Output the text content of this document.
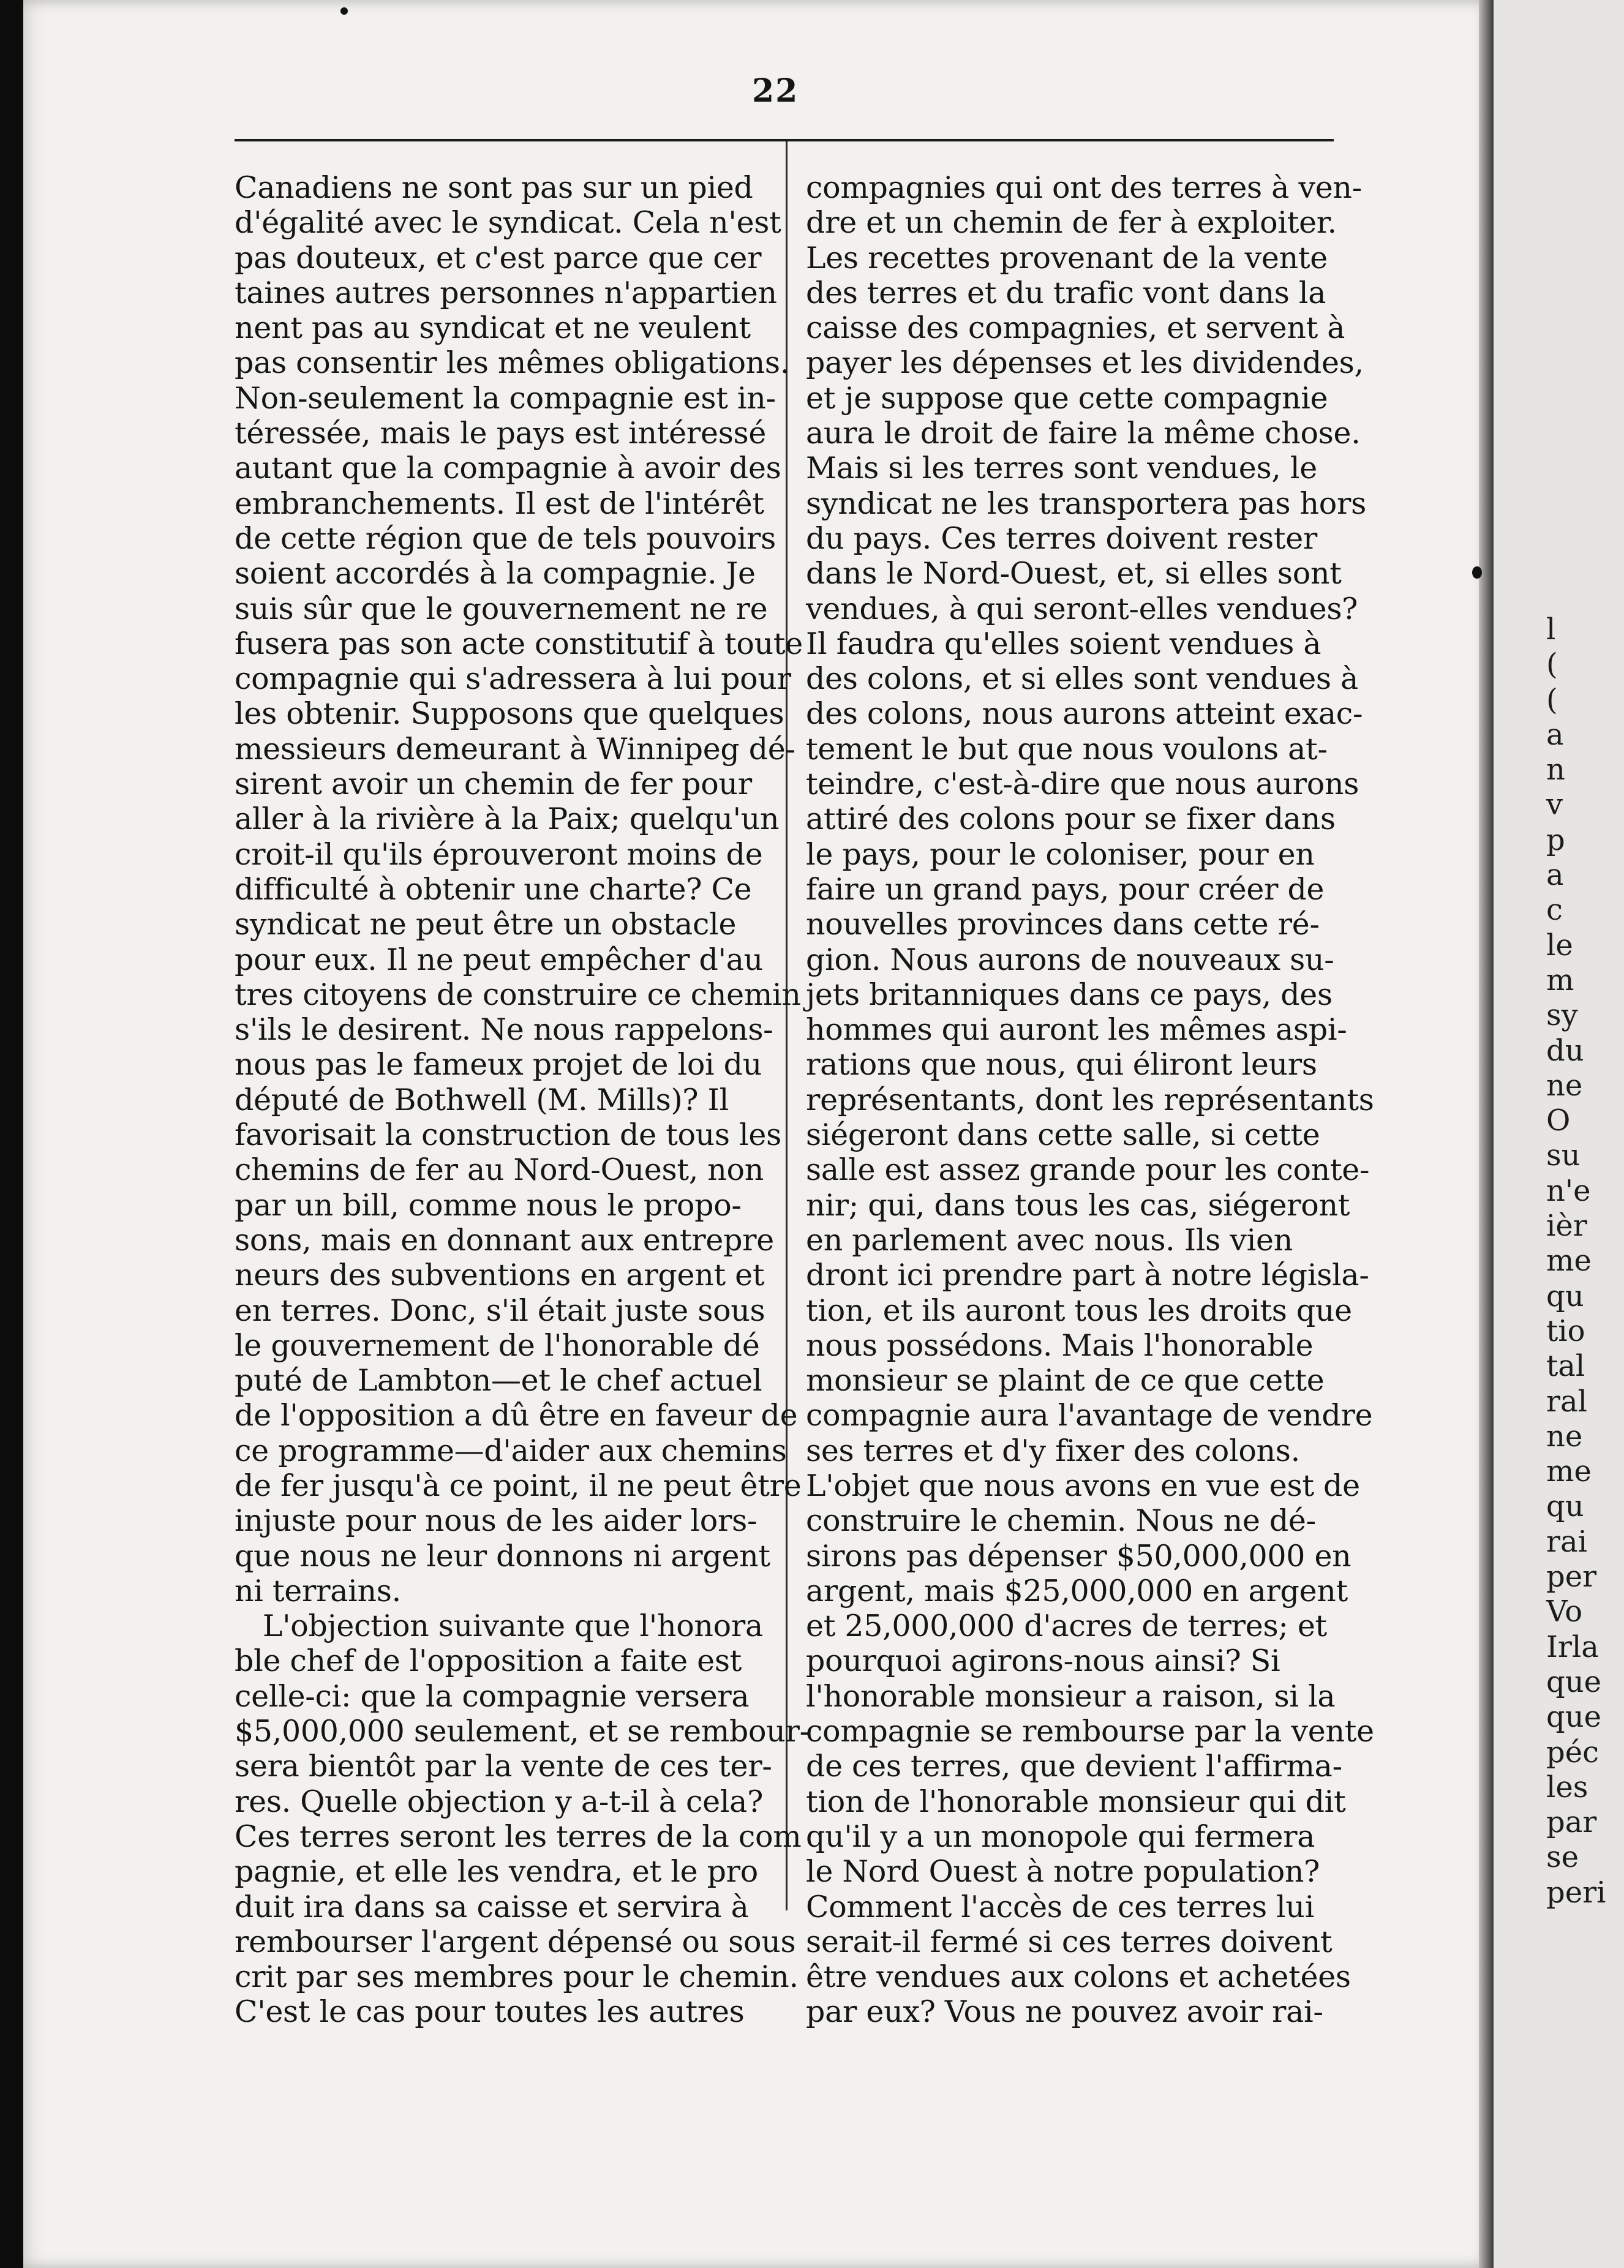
22
Canadiens ne sont pas sur un pied
d'égalité avec le syndicat. Cela n'est
pas douteux, et c'est parce que cer
taines autres personnes n'appartien
nent pas au syndicat et ne veulent
pas consentir les mêmes obligations.
Non-seulement la compagnie est in-
téressée, mais le pays est intéressé
autant que la compagnie à avoir des
embranchements. Il est de l'intérêt
de cette région que de tels pouvoirs
soient accordés à la compagnie. Je
suis sûr que le gouvernement ne re
fusera pas son acte constitutif à toute
compagnie qui s'adressera à lui pour
les obtenir. Supposons que quelques
messieurs demeurant à Winnipeg dé-
sirent avoir un chemin de fer pour
aller à la rivière à la Paix; quelqu'un
croit-il qu'ils éprouveront moins de
difficulté à obtenir une charte? Ce
syndicat ne peut être un obstacle
pour eux. Il ne peut empêcher d'au
tres citoyens de construire ce chemin
s'ils le desirent. Ne nous rappelons-
nous pas le fameux projet de loi du
député de Bothwell (M. Mills)? Il
favorisait la construction de tous les
chemins de fer au Nord-Ouest, non
par un bill, comme nous le propo-
sons, mais en donnant aux entrepre
neurs des subventions en argent et
en terres. Donc, s'il était juste sous
le gouvernement de l'honorable dé
puté de Lambton—et le chef actuel
de l'opposition a dû être en faveur de
ce programme—d'aider aux chemins
de fer jusqu'à ce point, il ne peut être
injuste pour nous de les aider lors-
que nous ne leur donnons ni argent
ni terrains.
L'objection suivante que l'honora
ble chef de l'opposition a faite est
celle-ci: que la compagnie versera
$5,000,000 seulement, et se rembour-
sera bientôt par la vente de ces ter-
res. Quelle objection y a-t-il à cela?
Ces terres seront les terres de la com
pagnie, et elle les vendra, et le pro
duit ira dans sa caisse et servira à
rembourser l'argent dépensé ou sous
crit par ses membres pour le chemin.
C'est le cas pour toutes les autres
compagnies qui ont des terres à ven-
dre et un chemin de fer à exploiter.
Les recettes provenant de la vente
des terres et du trafic vont dans la
caisse des compagnies, et servent à
payer les dépenses et les dividendes,
et je suppose que cette compagnie
aura le droit de faire la même chose.
Mais si les terres sont vendues, le
syndicat ne les transportera pas hors
du pays. Ces terres doivent rester
dans le Nord-Ouest, et, si elles sont
vendues, à qui seront-elles vendues?
Il faudra qu'elles soient vendues à
des colons, et si elles sont vendues à
des colons, nous aurons atteint exac-
tement le but que nous voulons at-
teindre, c'est-à-dire que nous aurons
attiré des colons pour se fixer dans
le pays, pour le coloniser, pour en
faire un grand pays, pour créer de
nouvelles provinces dans cette ré-
gion. Nous aurons de nouveaux su-
jets britanniques dans ce pays, des
hommes qui auront les mêmes aspi-
rations que nous, qui éliront leurs
représentants, dont les représentants
siégeront dans cette salle, si cette
salle est assez grande pour les conte-
nir; qui, dans tous les cas, siégeront
en parlement avec nous. Ils vien
dront ici prendre part à notre législa-
tion, et ils auront tous les droits que
nous possédons. Mais l'honorable
monsieur se plaint de ce que cette
compagnie aura l'avantage de vendre
ses terres et d'y fixer des colons.
L'objet que nous avons en vue est de
construire le chemin. Nous ne dé-
sirons pas dépenser $50,000,000 en
argent, mais $25,000,000 en argent
et 25,000,000 d'acres de terres; et
pourquoi agirons-nous ainsi? Si
l'honorable monsieur a raison, si la
compagnie se rembourse par la vente
de ces terres, que devient l'affirma-
tion de l'honorable monsieur qui dit
qu'il y a un monopole qui fermera
le Nord Ouest à notre population?
Comment l'accès de ces terres lui
serait-il fermé si ces terres doivent
être vendues aux colons et achetées
par eux? Vous ne pouvez avoir rai-
l
(
(
a
n
v
p
a
c
le
m
sy
du
ne
O
su
n'e
ièr
me
qu
tio
tal
ral
ne
me
qu
rai
per
Vo
Irla
que
que
péc
les
par
se
peri
